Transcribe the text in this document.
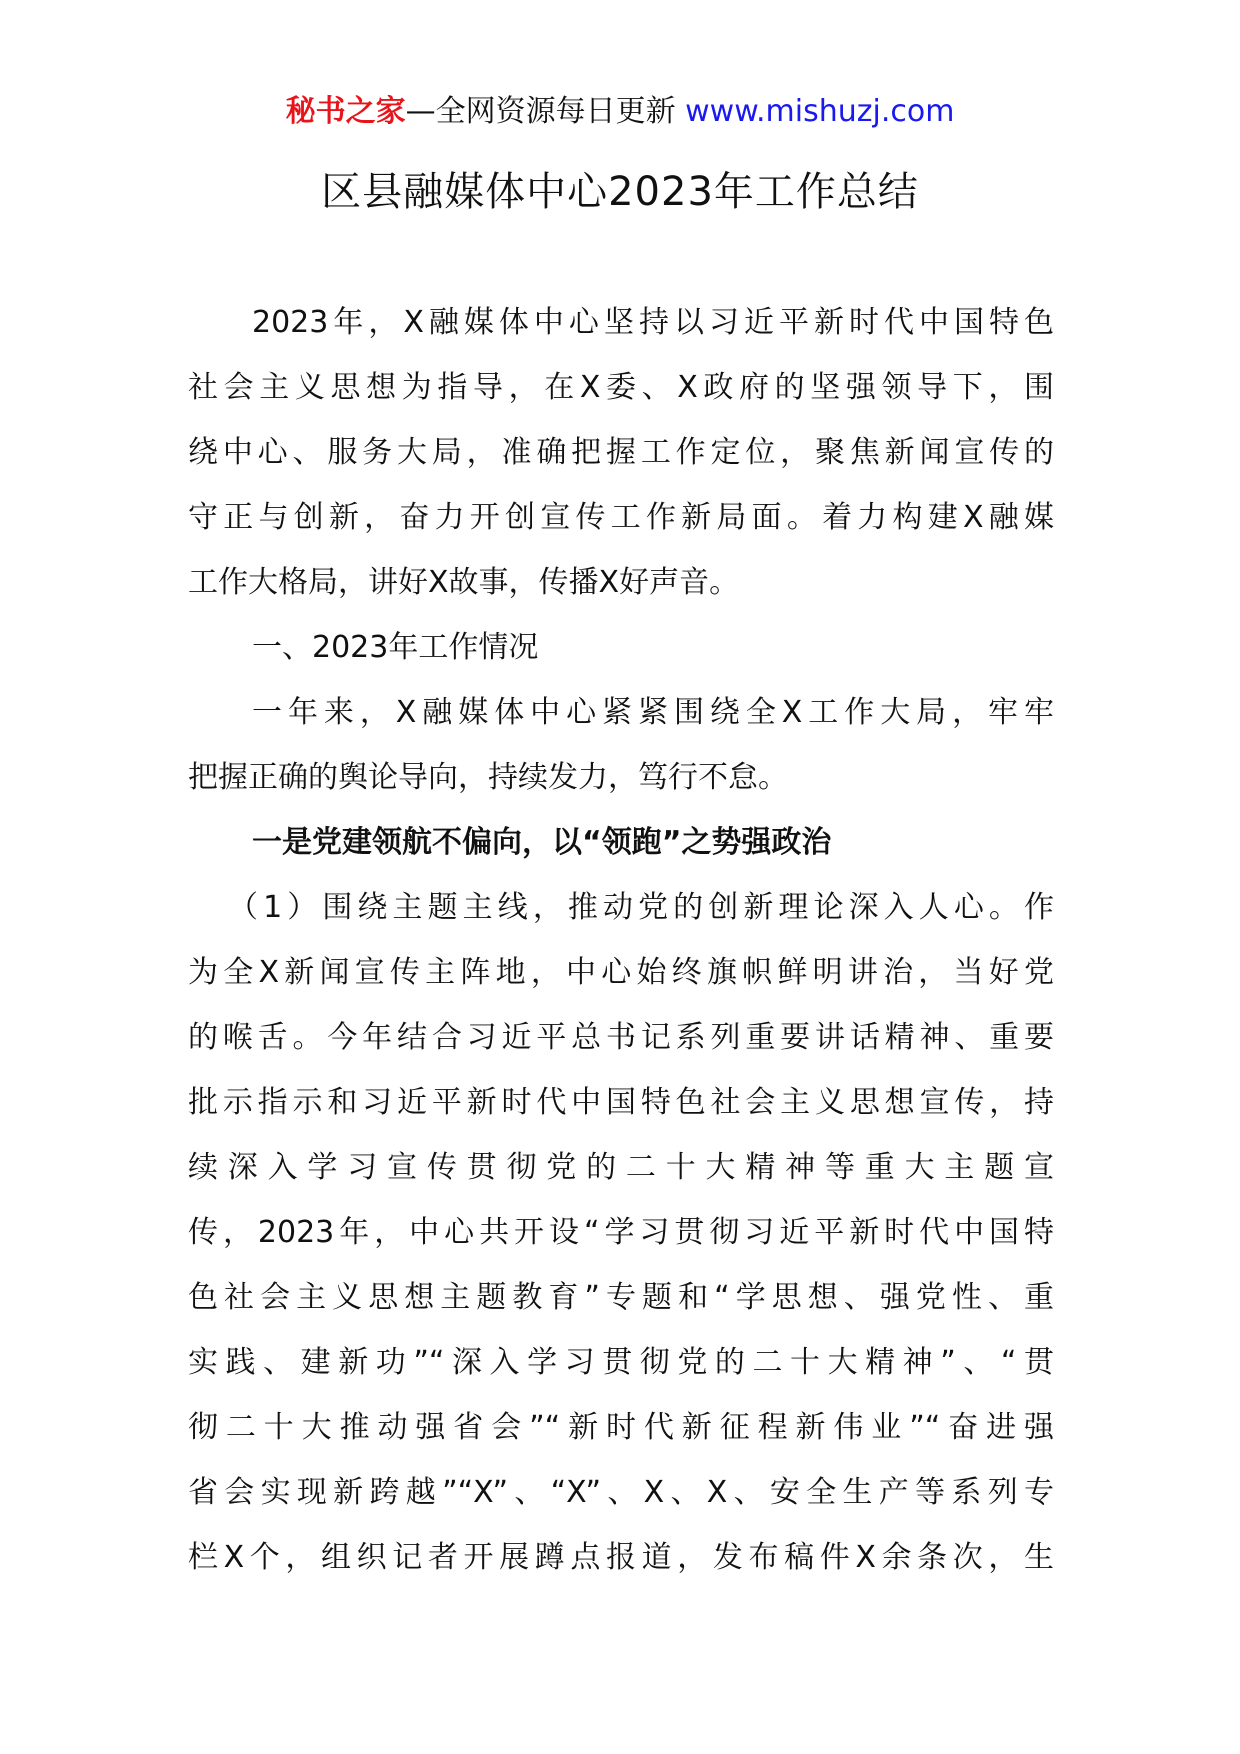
秘书之家—全网资源每日更新 www.mishuzj.com
区县融媒体中心2023年工作总结
2023年，X融媒体中心坚持以习近平新时代中国特色
社会主义思想为指导，在X委、X政府的坚强领导下，围
绕中心、服务大局，准确把握工作定位，聚焦新闻宣传的
守正与创新，奋力开创宣传工作新局面。着力构建X融媒
工作大格局，讲好X故事，传播X好声音。
一、2023年工作情况
一年来，X融媒体中心紧紧围绕全X工作大局，牢牢
把握正确的舆论导向，持续发力，笃行不怠。
一是党建领航不偏向，以“领跑”之势强政治
（1）围绕主题主线，推动党的创新理论深入人心。作
为全X新闻宣传主阵地，中心始终旗帜鲜明讲治，当好党
的喉舌。今年结合习近平总书记系列重要讲话精神、重要
批示指示和习近平新时代中国特色社会主义思想宣传，持
续深入学习宣传贯彻党的二十大精神等重大主题宣
传，2023年，中心共开设“学习贯彻习近平新时代中国特
色社会主义思想主题教育”专题和“学思想、强党性、重
实践、建新功”“深入学习贯彻党的二十大精神”、“贯
彻二十大推动强省会”“新时代新征程新伟业”“奋进强
省会实现新跨越”“X”、“X”、X、X、安全生产等系列专
栏X个，组织记者开展蹲点报道，发布稿件X余条次，生
